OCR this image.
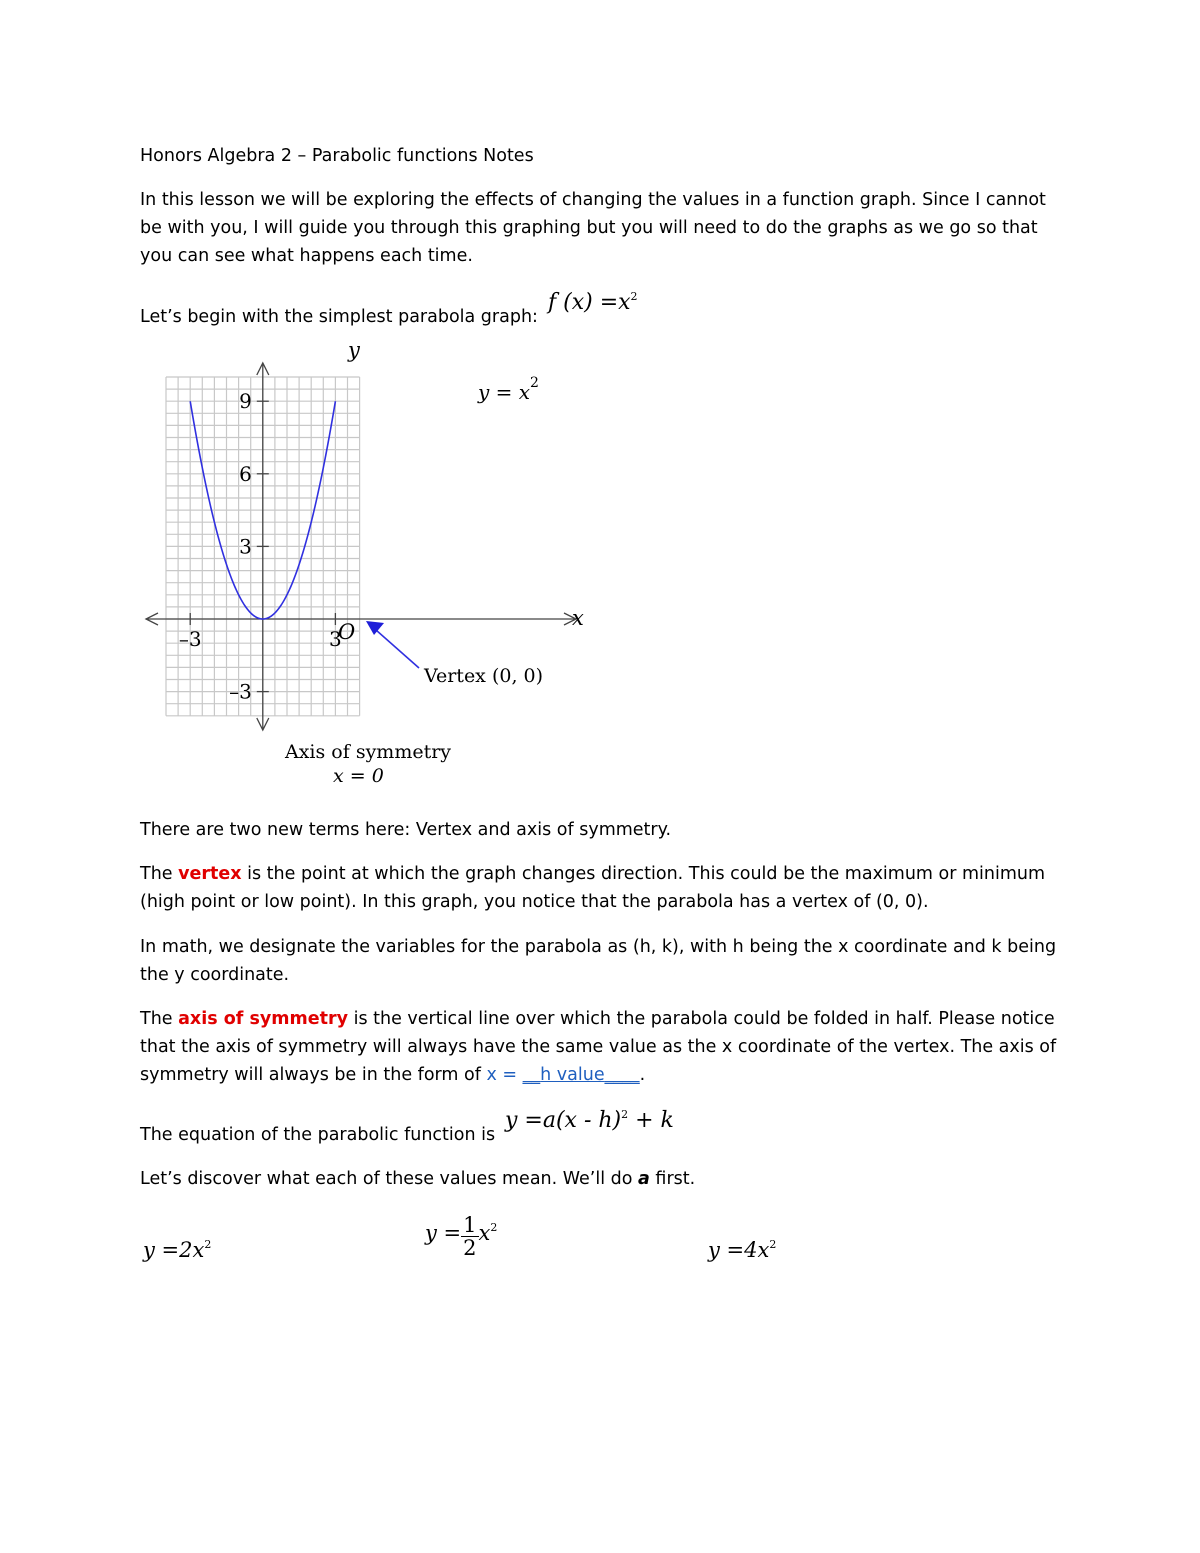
Honors Algebra 2 – Parabolic functions Notes
In this lesson we will be exploring the effects of changing the values in a function graph. Since I cannot
be with you, I will guide you through this graphing but you will need to do the graphs as we go so that
you can see what happens each time.
Let’s begin with the simplest parabola graph:
f $(x) =x^2$
y
x
9
6
3
–3
–3	3
O
y = x 2
Vertex (0, 0)
Axis of symmetry
x = 0
There are two new terms here: Vertex and axis of symmetry.
The vertex is the point at which the graph changes direction. This could be the maximum or minimum
(high point or low point). In this graph, you notice that the parabola has a vertex of (0, 0).
In math, we designate the variables for the parabola as (h, k), with h being the x coordinate and k being
the y coordinate.
The axis of symmetry is the vertical line over which the parabola could be folded in half. Please notice
that the axis of symmetry will always have the same value as the x coordinate of the vertex. The axis of
symmetry will always be in the form of x = __h value____.
The equation of the parabolic function is
y =a(x - h)$^2$ + k
Let’s discover what each of these values mean. We’ll do a first.
$y =2x^2$	$y = \frac{1}{2} x^2$
$y =4x^2$
